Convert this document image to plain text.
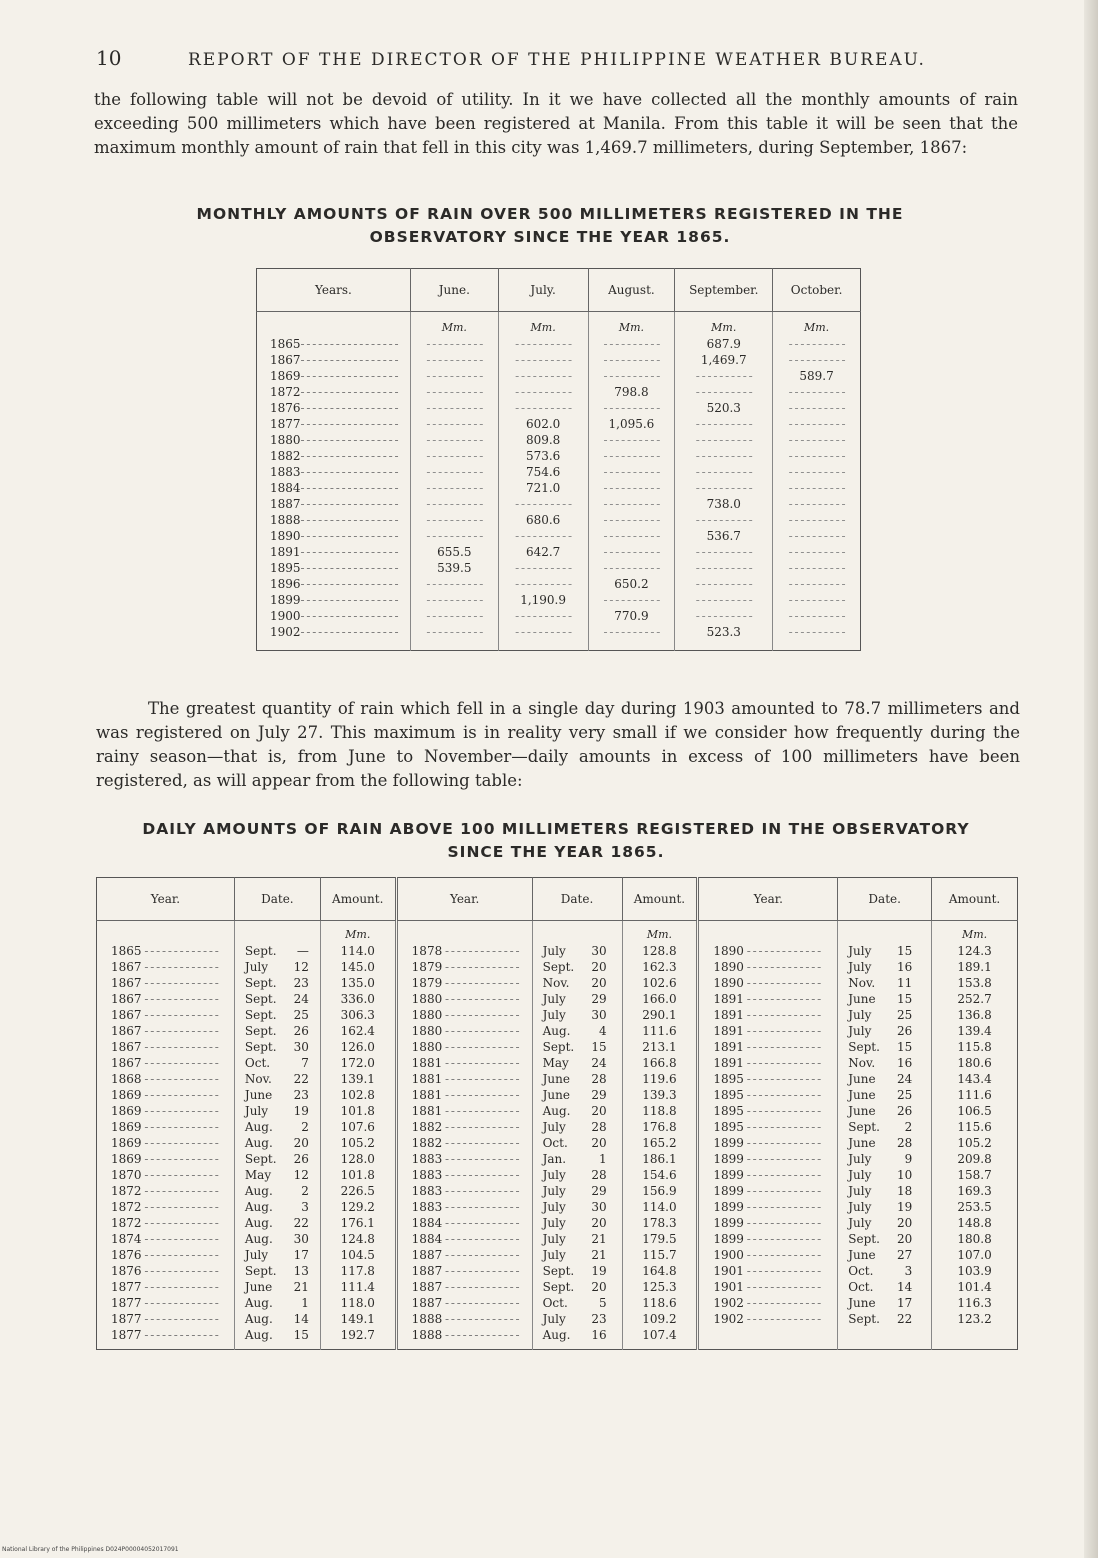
10	REPORT OF THE DIRECTOR OF THE PHILIPPINE WEATHER BUREAU.

the following table will not be devoid of utility. In it we have collected all the monthly amounts of rain exceeding 500 millimeters which have been registered at Manila. From this table it will be seen that the maximum monthly amount of rain that fell in this city was 1,469.7 millimeters, during September, 1867:

MONTHLY AMOUNTS OF RAIN OVER 500 MILLIMETERS REGISTERED IN THE
OBSERVATORY SINCE THE YEAR 1865.
Years.	June.	July.	August.	September.	October.
	Mm.	Mm.	Mm.	Mm.	Mm.
1865- - - - - - - - - - - - - - - - -	- - - - - - - - - -	- - - - - - - - - -	- - - - - - - - - -	687.9	- - - - - - - - - -
1867- - - - - - - - - - - - - - - - -	- - - - - - - - - -	- - - - - - - - - -	- - - - - - - - - -	1,469.7	- - - - - - - - - -
1869- - - - - - - - - - - - - - - - -	- - - - - - - - - -	- - - - - - - - - -	- - - - - - - - - -	- - - - - - - - - -	589.7
1872- - - - - - - - - - - - - - - - -	- - - - - - - - - -	- - - - - - - - - -	798.8	- - - - - - - - - -	- - - - - - - - - -
1876- - - - - - - - - - - - - - - - -	- - - - - - - - - -	- - - - - - - - - -	- - - - - - - - - -	520.3	- - - - - - - - - -
1877- - - - - - - - - - - - - - - - -	- - - - - - - - - -	602.0	1,095.6	- - - - - - - - - -	- - - - - - - - - -
1880- - - - - - - - - - - - - - - - -	- - - - - - - - - -	809.8	- - - - - - - - - -	- - - - - - - - - -	- - - - - - - - - -
1882- - - - - - - - - - - - - - - - -	- - - - - - - - - -	573.6	- - - - - - - - - -	- - - - - - - - - -	- - - - - - - - - -
1883- - - - - - - - - - - - - - - - -	- - - - - - - - - -	754.6	- - - - - - - - - -	- - - - - - - - - -	- - - - - - - - - -
1884- - - - - - - - - - - - - - - - -	- - - - - - - - - -	721.0	- - - - - - - - - -	- - - - - - - - - -	- - - - - - - - - -
1887- - - - - - - - - - - - - - - - -	- - - - - - - - - -	- - - - - - - - - -	- - - - - - - - - -	738.0	- - - - - - - - - -
1888- - - - - - - - - - - - - - - - -	- - - - - - - - - -	680.6	- - - - - - - - - -	- - - - - - - - - -	- - - - - - - - - -
1890- - - - - - - - - - - - - - - - -	- - - - - - - - - -	- - - - - - - - - -	- - - - - - - - - -	536.7	- - - - - - - - - -
1891- - - - - - - - - - - - - - - - -	655.5	642.7	- - - - - - - - - -	- - - - - - - - - -	- - - - - - - - - -
1895- - - - - - - - - - - - - - - - -	539.5	- - - - - - - - - -	- - - - - - - - - -	- - - - - - - - - -	- - - - - - - - - -
1896- - - - - - - - - - - - - - - - -	- - - - - - - - - -	- - - - - - - - - -	650.2	- - - - - - - - - -	- - - - - - - - - -
1899- - - - - - - - - - - - - - - - -	- - - - - - - - - -	1,190.9	- - - - - - - - - -	- - - - - - - - - -	- - - - - - - - - -
1900- - - - - - - - - - - - - - - - -	- - - - - - - - - -	- - - - - - - - - -	770.9	- - - - - - - - - -	- - - - - - - - - -
1902- - - - - - - - - - - - - - - - -	- - - - - - - - - -	- - - - - - - - - -	- - - - - - - - - -	523.3	- - - - - - - - - -

The greatest quantity of rain which fell in a single day during 1903 amounted to 78.7 millimeters and was registered on July 27. This maximum is in reality very small if we consider how frequently during the rainy season—that is, from June to November—daily amounts in excess of 100 millimeters have been registered, as will appear from the following table:

DAILY AMOUNTS OF RAIN ABOVE 100 MILLIMETERS REGISTERED IN THE OBSERVATORY
SINCE THE YEAR 1865.
Year.	Date.	Amount.	Year.	Date.	Amount.	Year.	Date.	Amount.
		Mm.			Mm.			Mm.
1865 - - - - - - - - - - - - -	Sept. —	114.0	1878 - - - - - - - - - - - - -	July 30	128.8	1890 - - - - - - - - - - - - -	July 15	124.3
1867 - - - - - - - - - - - - -	July 12	145.0	1879 - - - - - - - - - - - - -	Sept. 20	162.3	1890 - - - - - - - - - - - - -	July 16	189.1
1867 - - - - - - - - - - - - -	Sept. 23	135.0	1879 - - - - - - - - - - - - -	Nov. 20	102.6	1890 - - - - - - - - - - - - -	Nov. 11	153.8
1867 - - - - - - - - - - - - -	Sept. 24	336.0	1880 - - - - - - - - - - - - -	July 29	166.0	1891 - - - - - - - - - - - - -	June 15	252.7
1867 - - - - - - - - - - - - -	Sept. 25	306.3	1880 - - - - - - - - - - - - -	July 30	290.1	1891 - - - - - - - - - - - - -	July 25	136.8
1867 - - - - - - - - - - - - -	Sept. 26	162.4	1880 - - - - - - - - - - - - -	Aug. 4	111.6	1891 - - - - - - - - - - - - -	July 26	139.4
1867 - - - - - - - - - - - - -	Sept. 30	126.0	1880 - - - - - - - - - - - - -	Sept. 15	213.1	1891 - - - - - - - - - - - - -	Sept. 15	115.8
1867 - - - - - - - - - - - - -	Oct. 7	172.0	1881 - - - - - - - - - - - - -	May 24	166.8	1891 - - - - - - - - - - - - -	Nov. 16	180.6
1868 - - - - - - - - - - - - -	Nov. 22	139.1	1881 - - - - - - - - - - - - -	June 28	119.6	1895 - - - - - - - - - - - - -	June 24	143.4
1869 - - - - - - - - - - - - -	June 23	102.8	1881 - - - - - - - - - - - - -	June 29	139.3	1895 - - - - - - - - - - - - -	June 25	111.6
1869 - - - - - - - - - - - - -	July 19	101.8	1881 - - - - - - - - - - - - -	Aug. 20	118.8	1895 - - - - - - - - - - - - -	June 26	106.5
1869 - - - - - - - - - - - - -	Aug. 2	107.6	1882 - - - - - - - - - - - - -	July 28	176.8	1895 - - - - - - - - - - - - -	Sept. 2	115.6
1869 - - - - - - - - - - - - -	Aug. 20	105.2	1882 - - - - - - - - - - - - -	Oct. 20	165.2	1899 - - - - - - - - - - - - -	June 28	105.2
1869 - - - - - - - - - - - - -	Sept. 26	128.0	1883 - - - - - - - - - - - - -	Jan. 1	186.1	1899 - - - - - - - - - - - - -	July 9	209.8
1870 - - - - - - - - - - - - -	May 12	101.8	1883 - - - - - - - - - - - - -	July 28	154.6	1899 - - - - - - - - - - - - -	July 10	158.7
1872 - - - - - - - - - - - - -	Aug. 2	226.5	1883 - - - - - - - - - - - - -	July 29	156.9	1899 - - - - - - - - - - - - -	July 18	169.3
1872 - - - - - - - - - - - - -	Aug. 3	129.2	1883 - - - - - - - - - - - - -	July 30	114.0	1899 - - - - - - - - - - - - -	July 19	253.5
1872 - - - - - - - - - - - - -	Aug. 22	176.1	1884 - - - - - - - - - - - - -	July 20	178.3	1899 - - - - - - - - - - - - -	July 20	148.8
1874 - - - - - - - - - - - - -	Aug. 30	124.8	1884 - - - - - - - - - - - - -	July 21	179.5	1899 - - - - - - - - - - - - -	Sept. 20	180.8
1876 - - - - - - - - - - - - -	July 17	104.5	1887 - - - - - - - - - - - - -	July 21	115.7	1900 - - - - - - - - - - - - -	June 27	107.0
1876 - - - - - - - - - - - - -	Sept. 13	117.8	1887 - - - - - - - - - - - - -	Sept. 19	164.8	1901 - - - - - - - - - - - - -	Oct. 3	103.9
1877 - - - - - - - - - - - - -	June 21	111.4	1887 - - - - - - - - - - - - -	Sept. 20	125.3	1901 - - - - - - - - - - - - -	Oct. 14	101.4
1877 - - - - - - - - - - - - -	Aug. 1	118.0	1887 - - - - - - - - - - - - -	Oct. 5	118.6	1902 - - - - - - - - - - - - -	June 17	116.3
1877 - - - - - - - - - - - - -	Aug. 14	149.1	1888 - - - - - - - - - - - - -	July 23	109.2	1902 - - - - - - - - - - - - -	Sept. 22	123.2
1877 - - - - - - - - - - - - -	Aug. 15	192.7	1888 - - - - - - - - - - - - -	Aug. 16	107.4			
National Library of the Philippines D024P00004052017091
